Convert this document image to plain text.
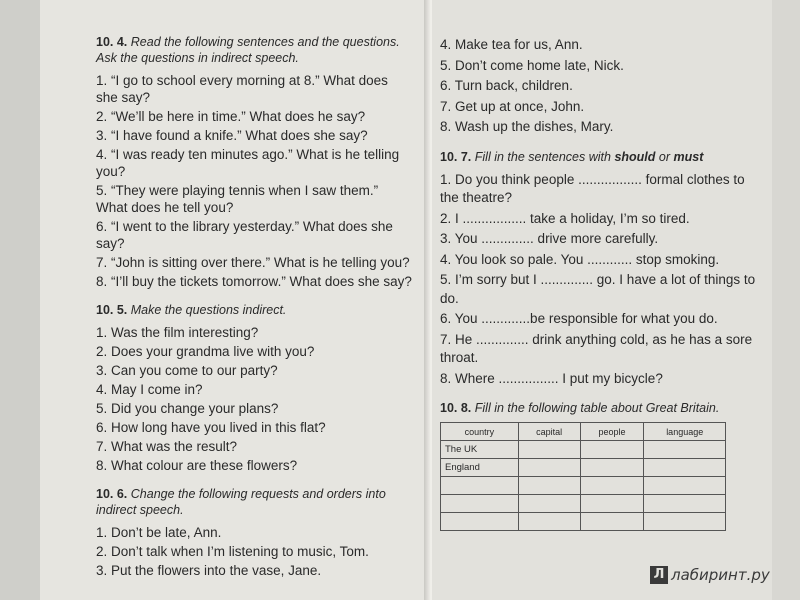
10. 4. Read the following sentences and the questions. Ask the questions in indirect speech.

1. “I go to school every morning at 8.” What does she say?

2. “We’ll be here in time.” What does he say?

3. “I have found a knife.” What does she say?

4. “I was ready ten minutes ago.” What is he telling you?

5. “They were playing tennis when I saw them.” What does he tell you?

6. “I went to the library yesterday.” What does she say?

7. “John is sitting over there.” What is he telling you?

8. “I’ll buy the tickets tomorrow.” What does she say?

10. 5. Make the questions indirect.

1. Was the film interesting?

2. Does your grandma live with you?

3. Can you come to our party?

4. May I come in?

5. Did you change your plans?

6. How long have you lived in this flat?

7. What was the result?

8. What colour are these flowers?

10. 6. Change the following requests and orders into indirect speech.

1. Don’t be late, Ann.

2. Don’t talk when I’m listening to music, Tom.

3. Put the flowers into the vase, Jane.

4. Make tea for us, Ann.

5. Don’t come home late, Nick.

6. Turn back, children.

7. Get up at once, John.

8. Wash up the dishes, Mary.

10. 7. Fill in the sentences with should or must

1. Do you think people ................. formal clothes to the theatre?

2. I ................. take a holiday, I’m so tired.

3. You .............. drive more carefully.

4. You look so pale. You ............ stop smoking.

5. I’m sorry but I .............. go. I have a lot of things to do.

6. You .............be responsible for what you do.

7. He .............. drink anything cold, as he has a sore throat.

8. Where ................ I put my bicycle?

10. 8. Fill in the following table about Great Britain.
country	capital	people	language
The UK			
England			

Л лабиринт.ру
